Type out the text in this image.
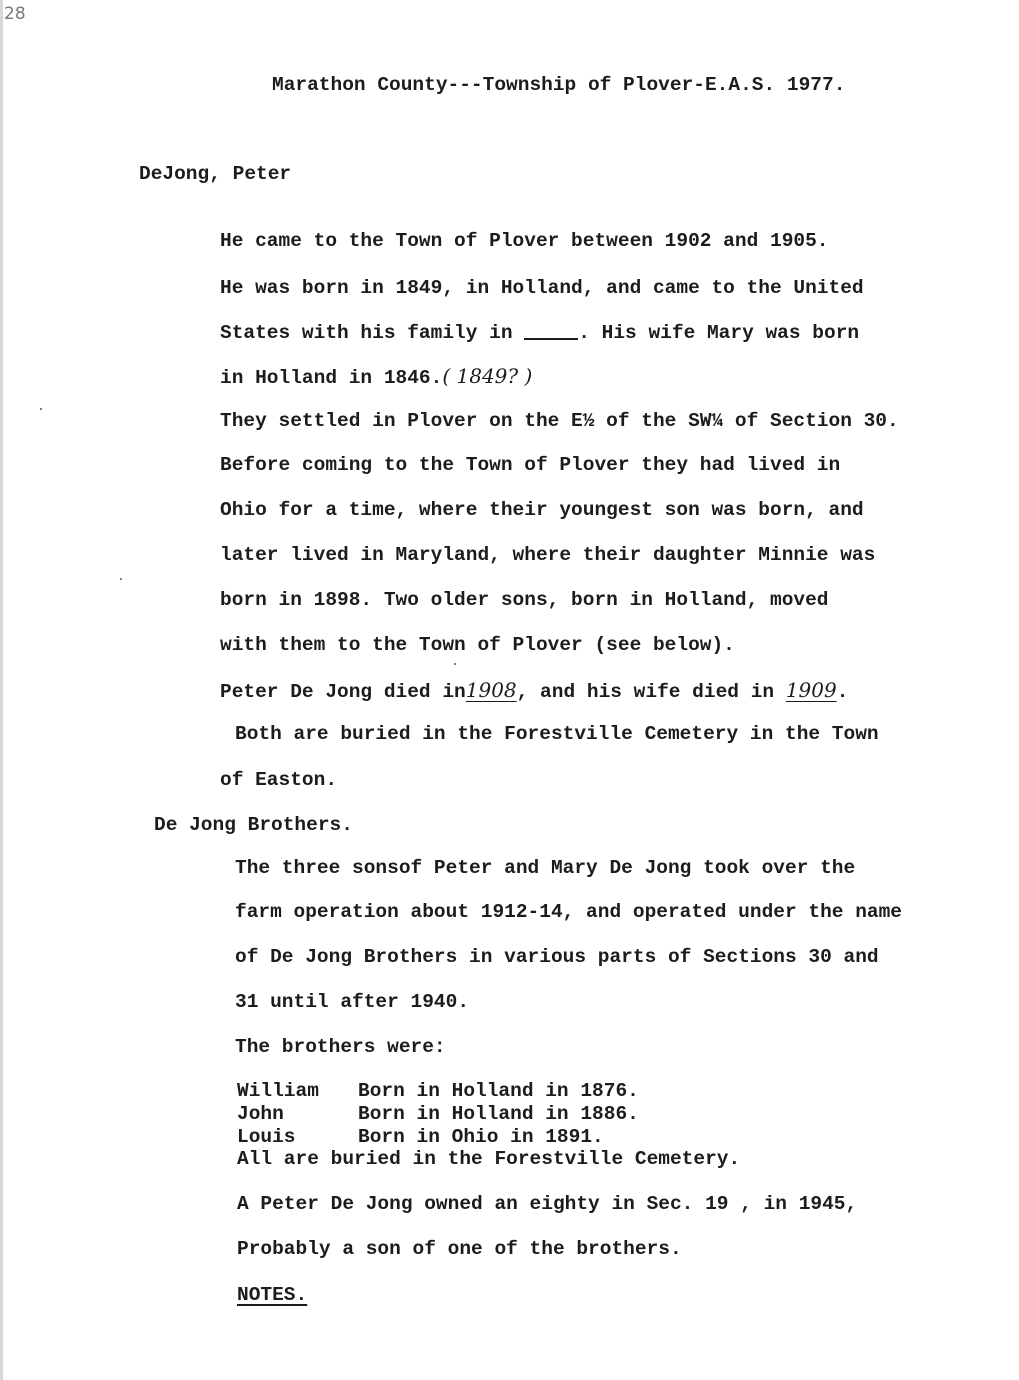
28
Marathon County---Township of Plover-E.A.S. 1977.
DeJong, Peter
He came to the Town of Plover between 1902 and 1905.
He was born in 1849, in Holland, and came to the United
States with his family in	. His wife Mary was born
in Holland in 1846.( 1849? )
They settled in Plover on the E½ of the SW¼ of Section 30.
Before coming to the Town of Plover they had lived in
Ohio for a time, where their youngest son was born, and
later lived in Maryland, where their daughter Minnie was
born in 1898. Two older sons, born in Holland, moved
with them to the Town of Plover (see below).
Peter De Jong died in1908, and his wife died in 1909.
Both are buried in the Forestville Cemetery in the Town
of Easton.
De Jong Brothers.
The three sonsof Peter and Mary De Jong took over the
farm operation about 1912-14, and operated under the name
of De Jong Brothers in various parts of Sections 30 and
31 until after 1940.
The brothers were:
William Born in Holland in 1876.
John	Born in Holland in 1886.
Louis	Born in Ohio in 1891.
All are buried in the Forestville Cemetery.
A Peter De Jong owned an eighty in Sec. 19 , in 1945,
Probably a son of one of the brothers.
NOTES.
